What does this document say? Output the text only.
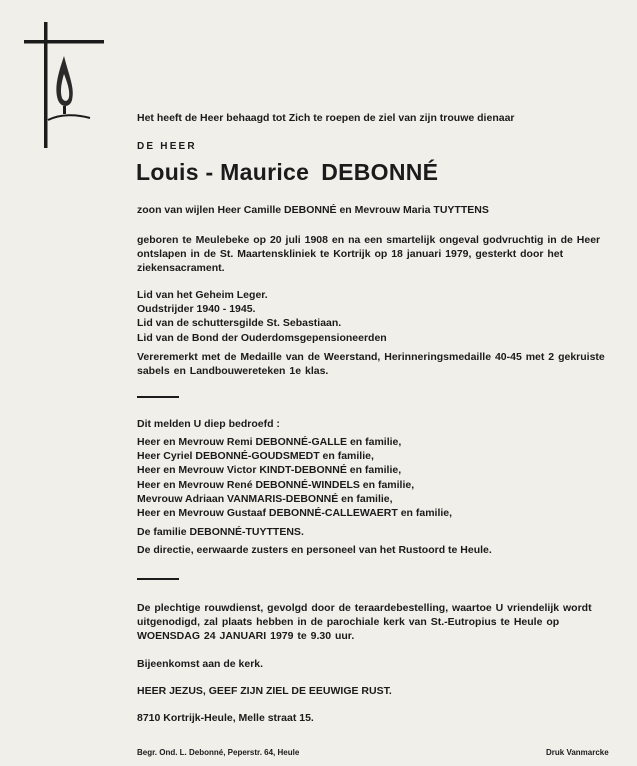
Het heeft de Heer behaagd tot Zich te roepen de ziel van zijn trouwe dienaar
DE HEER
Louis - Maurice DEBONNÉ
zoon van wijlen Heer Camille DEBONNÉ en Mevrouw Maria TUYTTENS
geboren te Meulebeke op 20 juli 1908 en na een smartelijk ongeval godvruchtig in de Heer ontslapen in de St. Maartenskliniek te Kortrijk op 18 januari 1979, gesterkt door het ziekensacrament.
Lid van het Geheim Leger.
Oudstrijder 1940 - 1945.
Lid van de schuttersgilde St. Sebastiaan.
Lid van de Bond der Ouderdomsgepensioneerden
Vereremerkt met de Medaille van de Weerstand, Herinneringsmedaille 40-45 met 2 gekruiste sabels en Landbouwereteken 1e klas.
Dit melden U diep bedroefd :
Heer en Mevrouw Remi DEBONNÉ-GALLE en familie,
Heer Cyriel DEBONNÉ-GOUDSMEDT en familie,
Heer en Mevrouw Victor KINDT-DEBONNÉ en familie,
Heer en Mevrouw René DEBONNÉ-WINDELS en familie,
Mevrouw Adriaan VANMARIS-DEBONNÉ en familie,
Heer en Mevrouw Gustaaf DEBONNÉ-CALLEWAERT en familie,
De familie DEBONNÉ-TUYTTENS.
De directie, eerwaarde zusters en personeel van het Rustoord te Heule.
De plechtige rouwdienst, gevolgd door de teraardebestelling, waartoe U vriendelijk wordt uitgenodigd, zal plaats hebben in de parochiale kerk van St.-Eutropius te Heule op WOENSDAG 24 JANUARI 1979 te 9.30 uur.
Bijeenkomst aan de kerk.
HEER JEZUS, GEEF ZIJN ZIEL DE EEUWIGE RUST.
8710 Kortrijk-Heule, Melle straat 15.
Begr. Ond. L. Debonné, Peperstr. 64, Heule	Druk Vanmarcke
